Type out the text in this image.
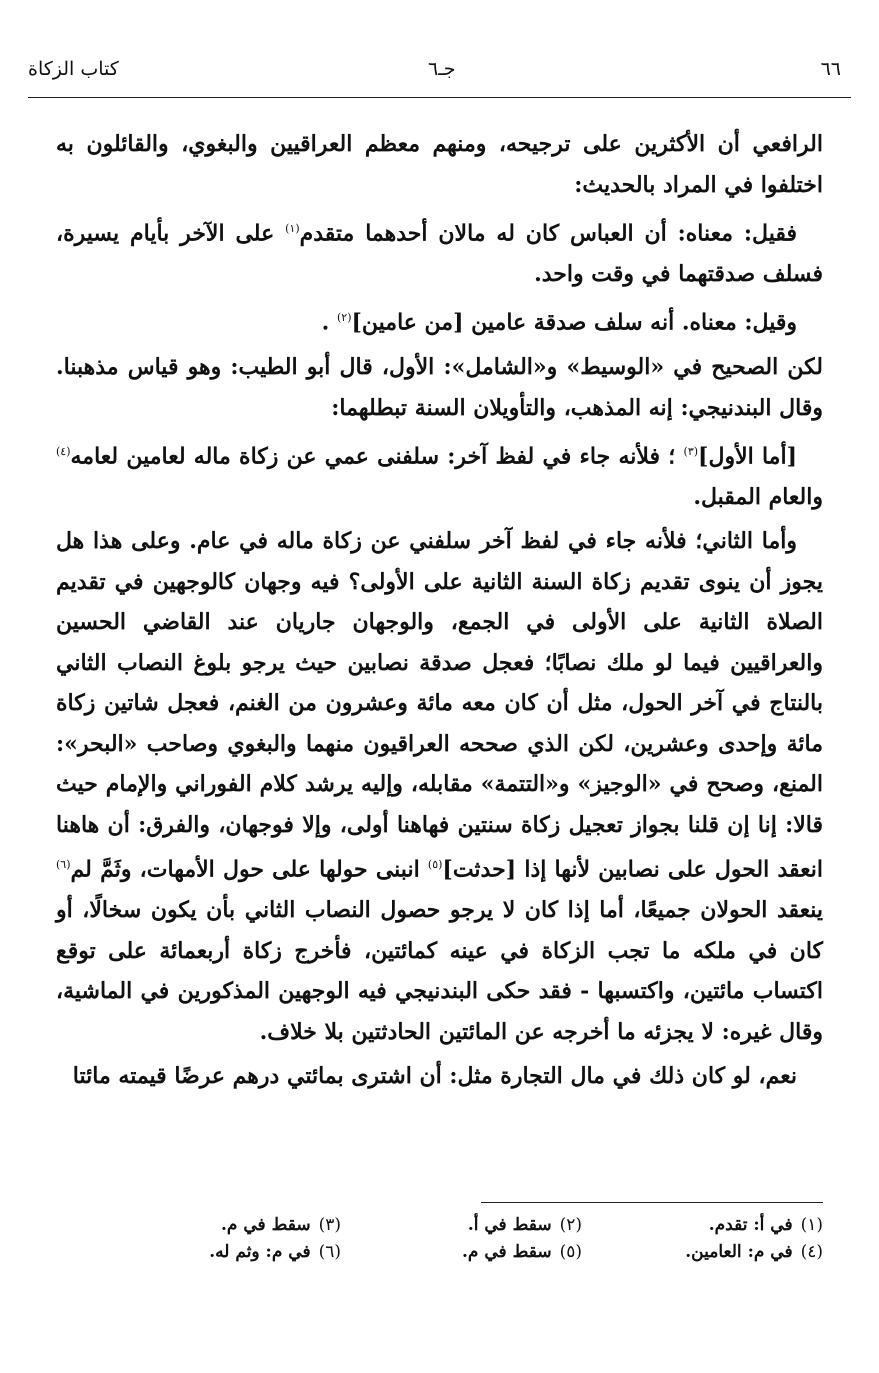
٦٦
جـ٦
كتاب الزكاة

الرافعي أن الأكثرين على ترجيحه، ومنهم معظم العراقيين والبغوي، والقائلون به اختلفوا في المراد بالحديث:

فقيل: معناه: أن العباس كان له مالان أحدهما متقدم$^{(١)}$ على الآخر بأيام يسيرة، فسلف صدقتهما في وقت واحد.

وقيل: معناه. أنه سلف صدقة عامين [من عامين]$^{(٢)}$ .

لكن الصحيح في «الوسيط» و«الشامل»: الأول، قال أبو الطيب: وهو قياس مذهبنا. وقال البندنيجي: إنه المذهب، والتأويلان السنة تبطلهما:

[أما الأول]$^{(٣)}$ ؛ فلأنه جاء في لفظ آخر: سلفنى عمي عن زكاة ماله لعامين لعامه$^{(٤)}$ والعام المقبل.

وأما الثاني؛ فلأنه جاء في لفظ آخر سلفني عن زكاة ماله في عام. وعلى هذا هل يجوز أن ينوى تقديم زكاة السنة الثانية على الأولى؟ فيه وجهان كالوجهين في تقديم الصلاة الثانية على الأولى في الجمع، والوجهان جاريان عند القاضي الحسين والعراقيين فيما لو ملك نصابًا؛ فعجل صدقة نصابين حيث يرجو بلوغ النصاب الثاني بالنتاج في آخر الحول، مثل أن كان معه مائة وعشرون من الغنم، فعجل شاتين زكاة مائة وإحدى وعشرين، لكن الذي صححه العراقيون منهما والبغوي وصاحب «البحر»: المنع، وصحح في «الوجيز» و«التتمة» مقابله، وإليه يرشد كلام الفوراني والإمام حيث قالا: إنا إن قلنا بجواز تعجيل زكاة سنتين فهاهنا أولى، وإلا فوجهان، والفرق: أن هاهنا انعقد الحول على نصابين لأنها إذا [حدثت]$^{(٥)}$ انبنى حولها على حول الأمهات، وثَمَّ لم$^{(٦)}$ ينعقد الحولان جميعًا، أما إذا كان لا يرجو حصول النصاب الثاني بأن يكون سخالًا، أو كان في ملكه ما تجب الزكاة في عينه كمائتين، فأخرج زكاة أربعمائة على توقع اكتساب مائتين، واكتسبها - فقد حكى البندنيجي فيه الوجهين المذكورين في الماشية، وقال غيره: لا يجزئه ما أخرجه عن المائتين الحادثتين بلا خلاف.

نعم، لو كان ذلك في مال التجارة مثل: أن اشترى بمائتي درهم عرضًا قيمته مائتا

(١)في أ: تقدم.
(٢)سقط في أ.
(٣)سقط في م.
(٤)في م: العامين.
(٥)سقط في م.
(٦)في م: وثم له.
